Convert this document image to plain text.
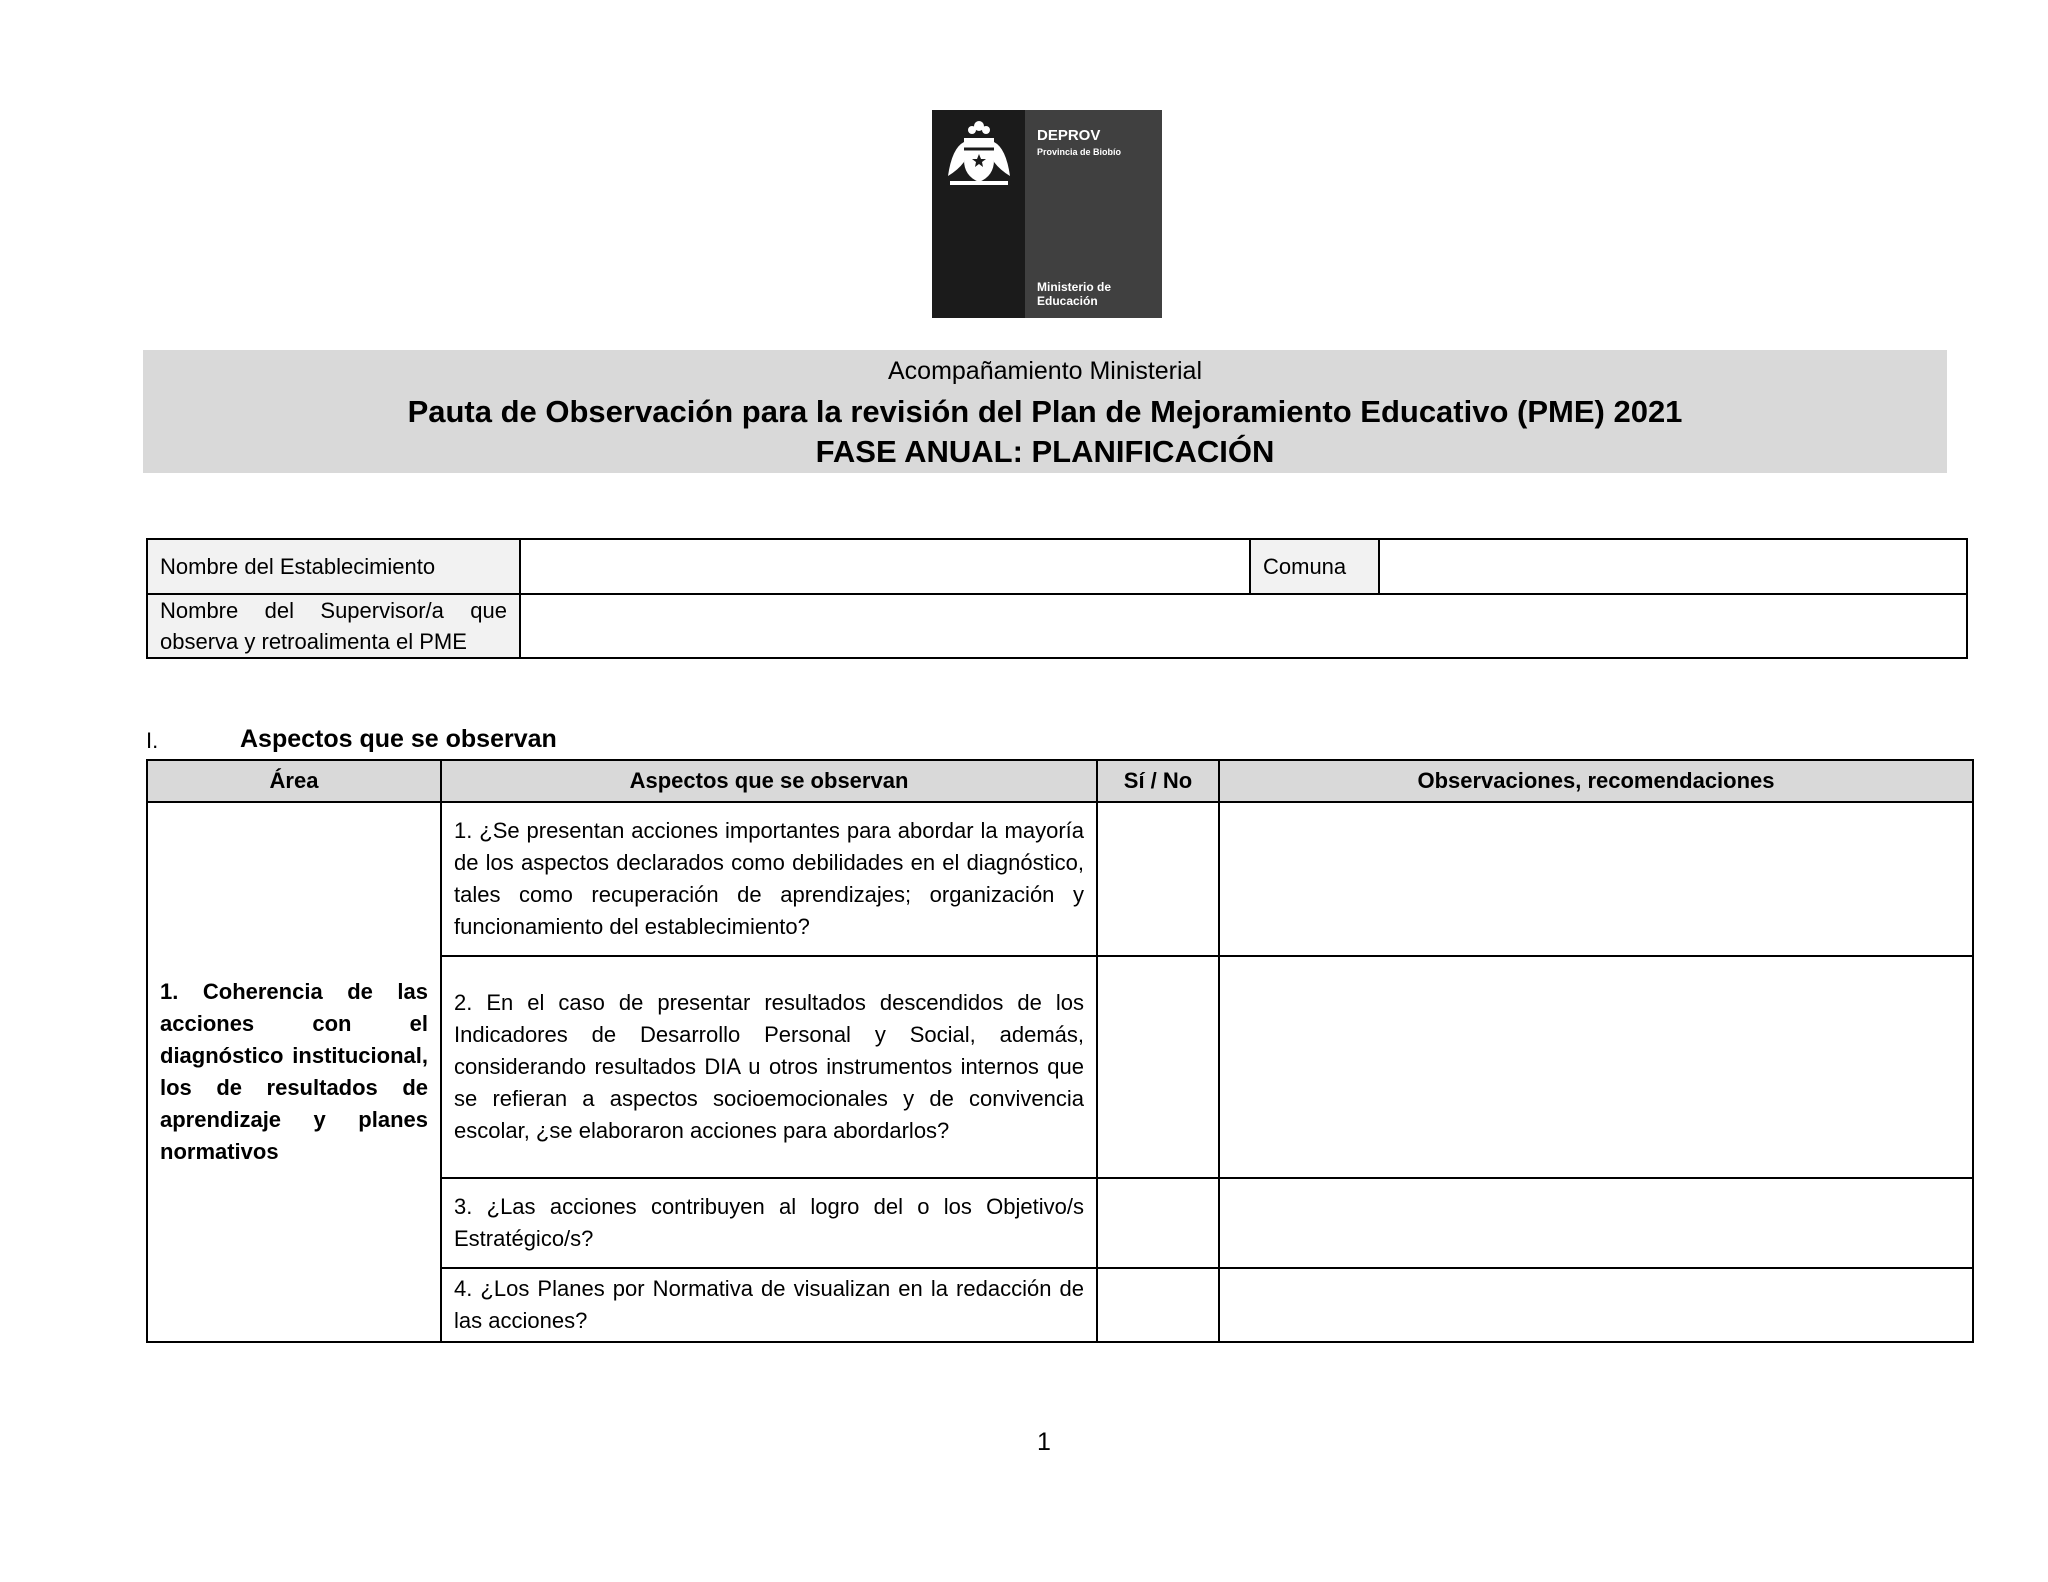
DEPROV
Provincia de Biobío
Ministerio de
Educación
Acompañamiento Ministerial
Pauta de Observación para la revisión del Plan de Mejoramiento Educativo (PME) 2021
FASE ANUAL: PLANIFICACIÓN
Nombre del Establecimiento		Comuna	

Nombre del Supervisor/a que
observa y retroalimenta el PME			

I.	Aspectos que se observan
Área	Aspectos que se observan	Sí / No	Observaciones, recomendaciones
1. Coherencia de las acciones con el diagnóstico institucional, los de resultados de aprendizaje y planes normativos	1. ¿Se presentan acciones importantes para abordar la mayoría de los aspectos declarados como debilidades en el diagnóstico, tales como recuperación de aprendizajes; organización y funcionamiento del establecimiento?		
	2. En el caso de presentar resultados descendidos de los Indicadores de Desarrollo Personal y Social, además, considerando resultados DIA u otros instrumentos internos que se refieran a aspectos socioemocionales y de convivencia escolar, ¿se elaboraron acciones para abordarlos?		
	3. ¿Las acciones contribuyen al logro del o los Objetivo/s Estratégico/s?		
	4. ¿Los Planes por Normativa de visualizan en la redacción de las acciones?		
1
